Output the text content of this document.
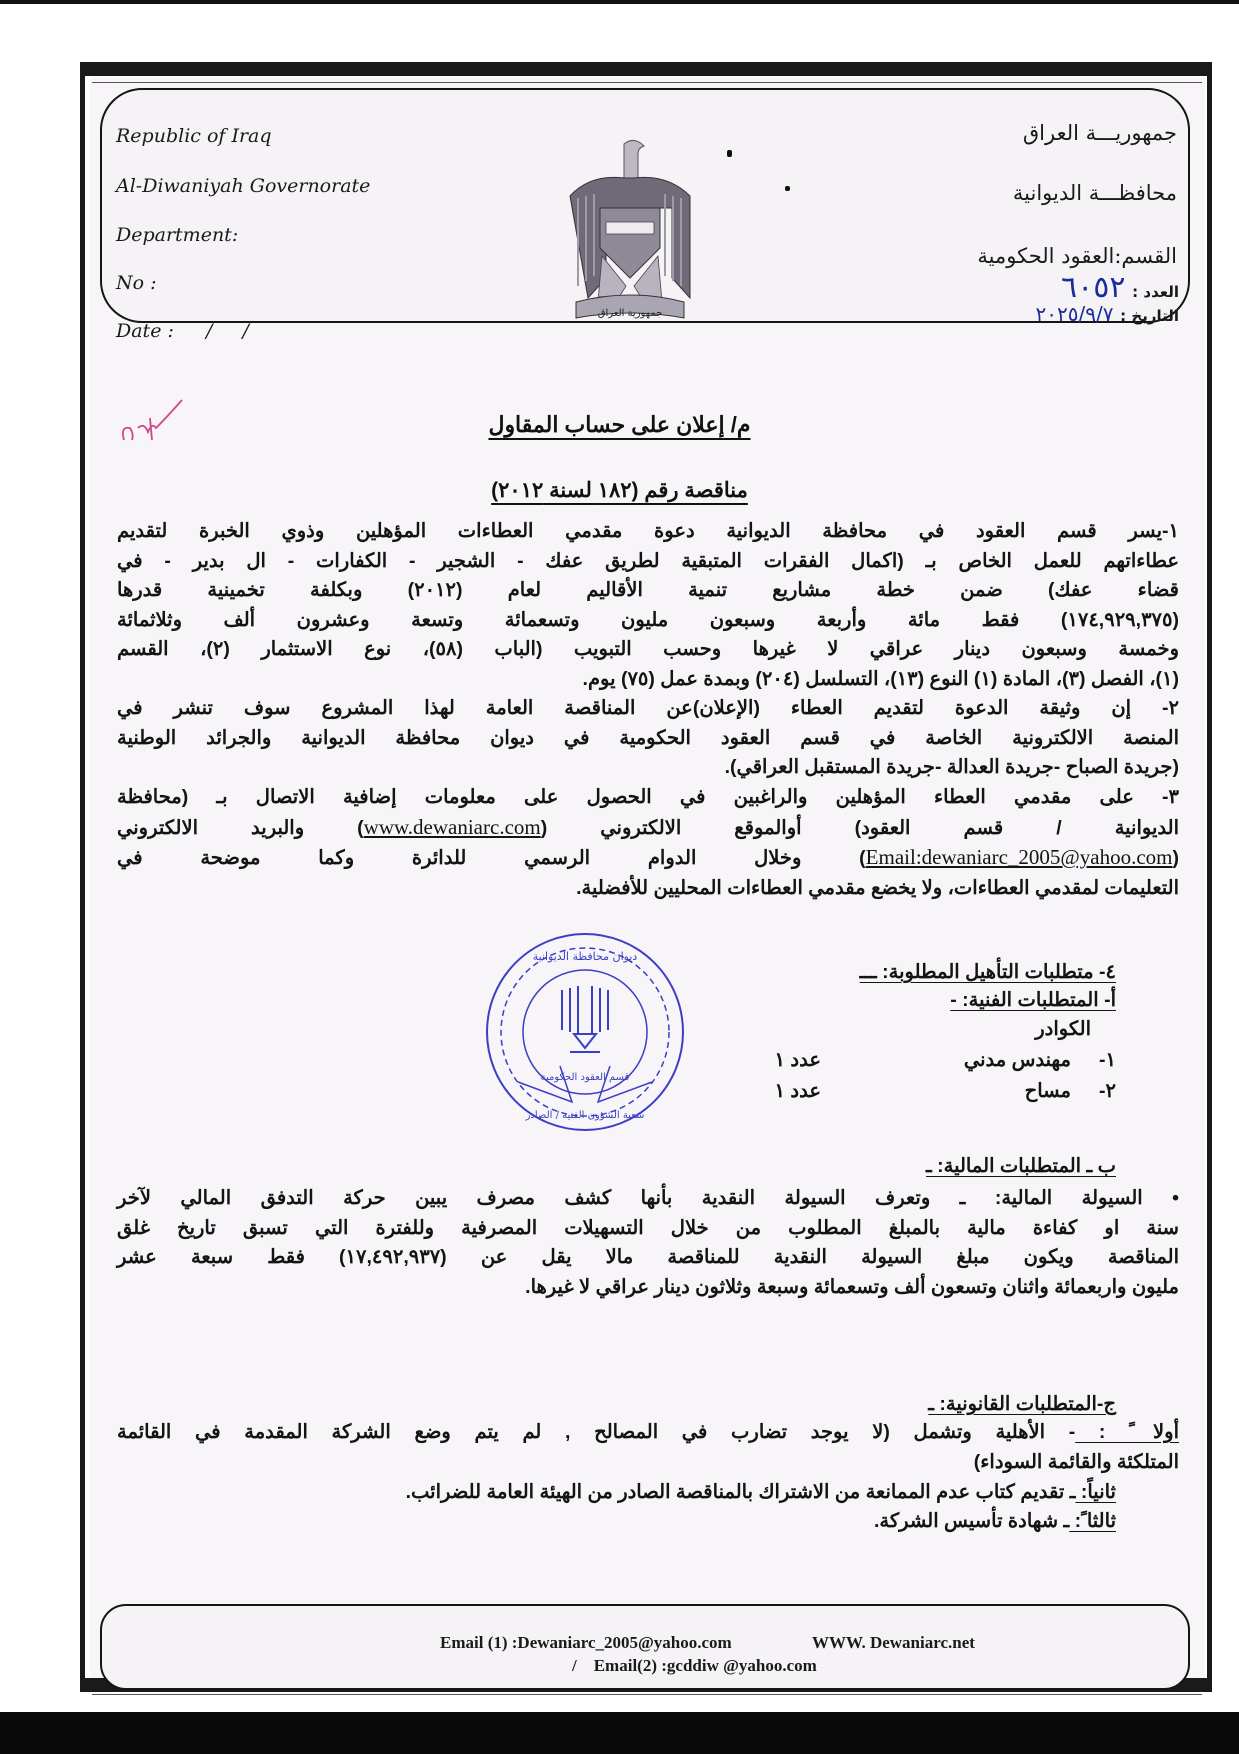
Republic of Iraq
Al-Diwaniyah Governorate
Department:
No :
Date : /     /
جمهوريـــة العراق
محافظـــة الديوانية
القسم:العقود الحكومية
العدد : ٦٠٥٢
التاريخ : ٢٠٢٥/٩/٧
جمهورية العراق
م/ إعلان على حساب المقاول
مناقصة رقم (١٨٢ لسنة ٢٠١٢)
١-يسر قسم العقود في محافظة الديوانية دعوة مقدمي العطاءات المؤهلين وذوي الخبرة لتقديم
عطاءاتهم للعمل الخاص بـ (اكمال الفقرات المتبقية لطريق عفك - الشجير - الكفارات - ال بدير - في
قضاء عفك) ضمن خطة مشاريع تنمية الأقاليم لعام (٢٠١٢) وبكلفة تخمينية قدرها
(١٧٤,٩٢٩,٣٧٥) فقط مائة وأربعة وسبعون مليون وتسعمائة وتسعة وعشرون ألف وثلاثمائة
وخمسة وسبعون دينار عراقي لا غيرها وحسب التبويب (الباب (٥٨)، نوع الاستثمار (٢)، القسم
(١)، الفصل (٣)، المادة (١) النوع (١٣)، التسلسل (٢٠٤) وبمدة عمل (٧٥) يوم.
٢- إن وثيقة الدعوة لتقديم العطاء (الإعلان)عن المناقصة العامة لهذا المشروع سوف تنشر في
المنصة الالكترونية الخاصة في قسم العقود الحكومية في ديوان محافظة الديوانية والجرائد الوطنية
(جريدة الصباح -جريدة العدالة -جريدة المستقبل العراقي).
٣- على مقدمي العطاء المؤهلين والراغبين في الحصول على معلومات إضافية الاتصال بـ (محافظة
الديوانية / قسم العقود) أوالموقع الالكتروني (www.dewaniarc.com) والبريد الالكتروني
(Email:dewaniarc_2005@yahoo.com) وخلال الدوام الرسمي للدائرة وكما موضحة في
التعليمات لمقدمي العطاءات، ولا يخضع مقدمي العطاءات المحليين للأفضلية.
ديوان محافظة الديوانية
قسم العقود الحكومية
شعبة الشؤون الفنية / الصادر
٤- متطلبات التأهيل المطلوبة: ـــ
أ- المتطلبات الفنية: -
الكوادر
١-
مهندس مدني
عدد ١
٢-
مساح
عدد ١
ب ـ المتطلبات المالية: ـ
• السيولة المالية: ـ وتعرف السيولة النقدية بأنها كشف مصرف يبين حركة التدفق المالي لآخر
سنة او كفاءة مالية بالمبلغ المطلوب من خلال التسهيلات المصرفية وللفترة التي تسبق تاريخ غلق
المناقصة ويكون مبلغ السيولة النقدية للمناقصة مالا يقل عن (١٧,٤٩٢,٩٣٧) فقط سبعة عشر
مليون واربعمائة واثنان وتسعون ألف وتسعمائة وسبعة وثلاثون دينار عراقي لا غيرها.
ج-المتطلبات القانونية: ـ
أولا ً : - الأهلية وتشمل (لا يوجد تضارب في المصالح , لم يتم وضع الشركة المقدمة في القائمة
المتلكئة والقائمة السوداء)
ثانياً: ـ تقديم كتاب عدم الممانعة من الاشتراك بالمناقصة الصادر من الهيئة العامة للضرائب.
ثالثا ً: ـ شهادة تأسيس الشركة.
Email (1) :Dewaniarc_2005@yahoo.com	WWW. Dewaniarc.net
/    Email(2) :gcddiw @yahoo.com
